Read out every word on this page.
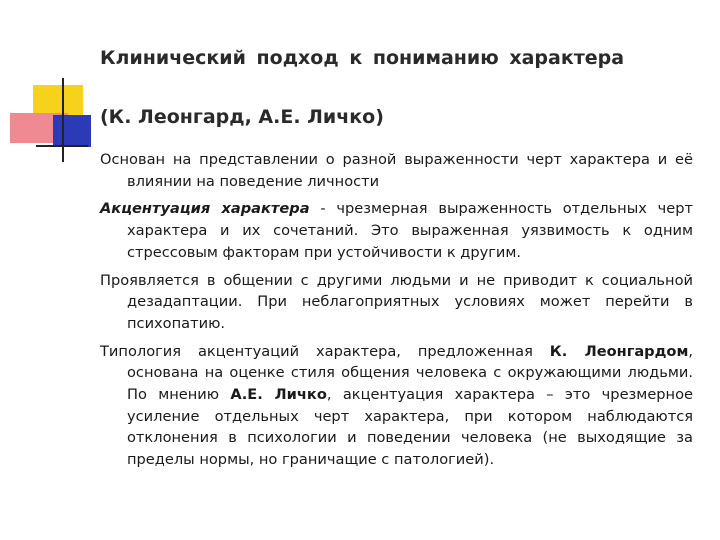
Клинический подход к пониманию характера
(К. Леонгард, А.Е. Личко)

Основан на представлении о разной выраженности черт характера и её влиянии на поведение личности

Акцентуация характера - чрезмерная выраженность отдельных черт характера и их сочетаний. Это выраженная уязвимость к одним стрессовым факторам при устойчивости к другим.

Проявляется в общении с другими людьми и не приводит к социальной дезадаптации. При неблагоприятных условиях может перейти в психопатию.

Типология акцентуаций характера, предложенная К. Леонгардом, основана на оценке стиля общения человека с окружающими людьми. По мнению А.Е. Личко, акцентуация характера – это чрезмерное усиление отдельных черт характера, при котором наблюдаются отклонения в психологии и поведении человека (не выходящие за пределы нормы, но граничащие с патологией).
